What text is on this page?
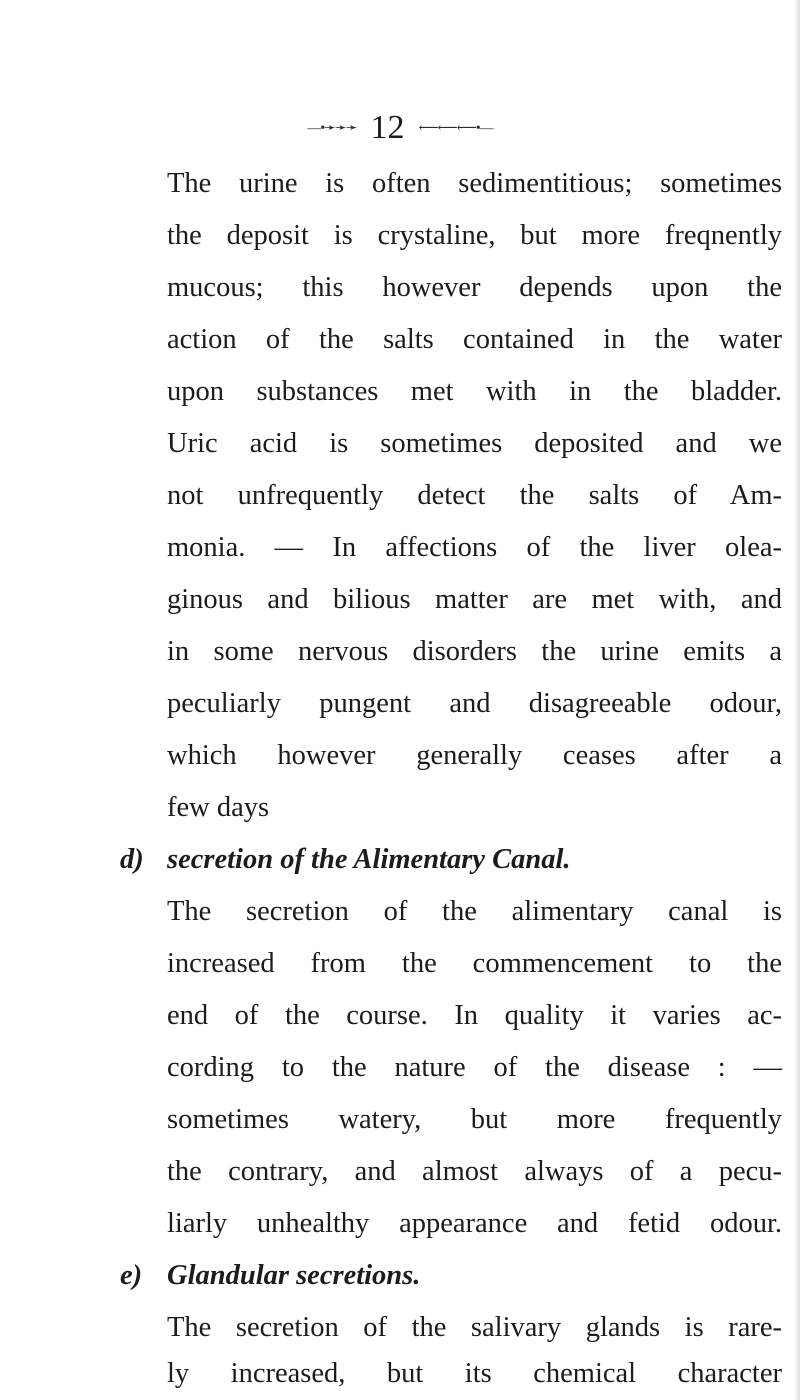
—•➛➛➛ 12 ⟵⟵⟵•—
The urine is often sedimentitious; sometimes
the deposit is crystaline, but more freqnently
mucous; this however depends upon the
action of the salts contained in the water
upon substances met with in the bladder.
Uric acid is sometimes deposited and we
not unfrequently detect the salts of Am-
monia. — In affections of the liver olea-
ginous and bilious matter are met with, and
in some nervous disorders the urine emits a
peculiarly pungent and disagreeable odour,
which however generally ceases after a
few days
d) secretion of the Alimentary Canal.
The secretion of the alimentary canal is
increased from the commencement to the
end of the course. In quality it varies ac-
cording to the nature of the disease : —
sometimes watery, but more frequently
the contrary, and almost always of a pecu-
liarly unhealthy appearance and fetid odour.
e) Glandular secretions.
The secretion of the salivary glands is rare-
ly increased, but its chemical character
